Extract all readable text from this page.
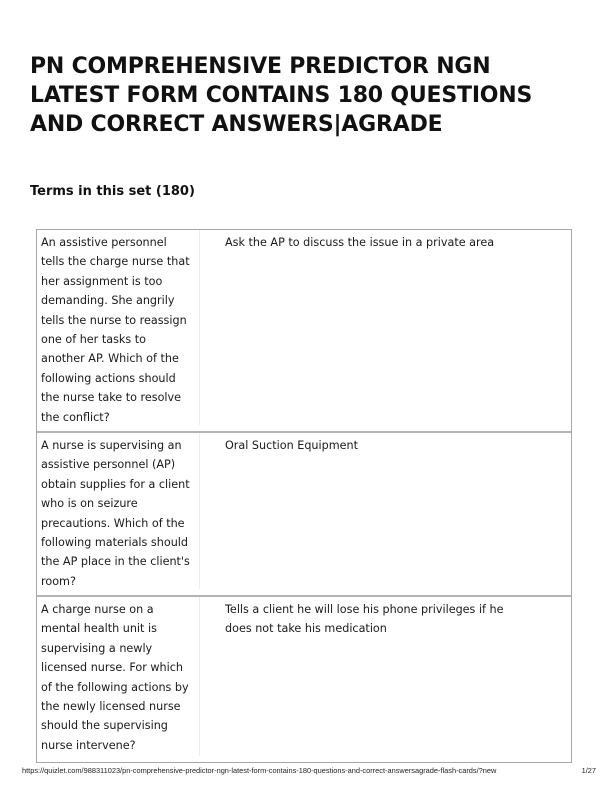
PN COMPREHENSIVE PREDICTOR NGN LATEST FORM CONTAINS 180 QUESTIONS AND CORRECT ANSWERS|AGRADE
Terms in this set (180)

An assistive personnel tells the charge nurse that her assignment is too demanding. She angrily tells the nurse to reassign one of her tasks to another AP. Which of the following actions should the nurse take to resolve the conflict?

Ask the AP to discuss the issue in a private area

A nurse is supervising an assistive personnel (AP) obtain supplies for a client who is on seizure precautions. Which of the following materials should the AP place in the client's room?

Oral Suction Equipment

A charge nurse on a mental health unit is supervising a newly licensed nurse. For which of the following actions by the newly licensed nurse should the supervising nurse intervene?

Tells a client he will lose his phone privileges if he does not take his medication

https://quizlet.com/988311023/pn-comprehensive-predictor-ngn-latest-form-contains-180-questions-and-correct-answersagrade-flash-cards/?new	1/27
